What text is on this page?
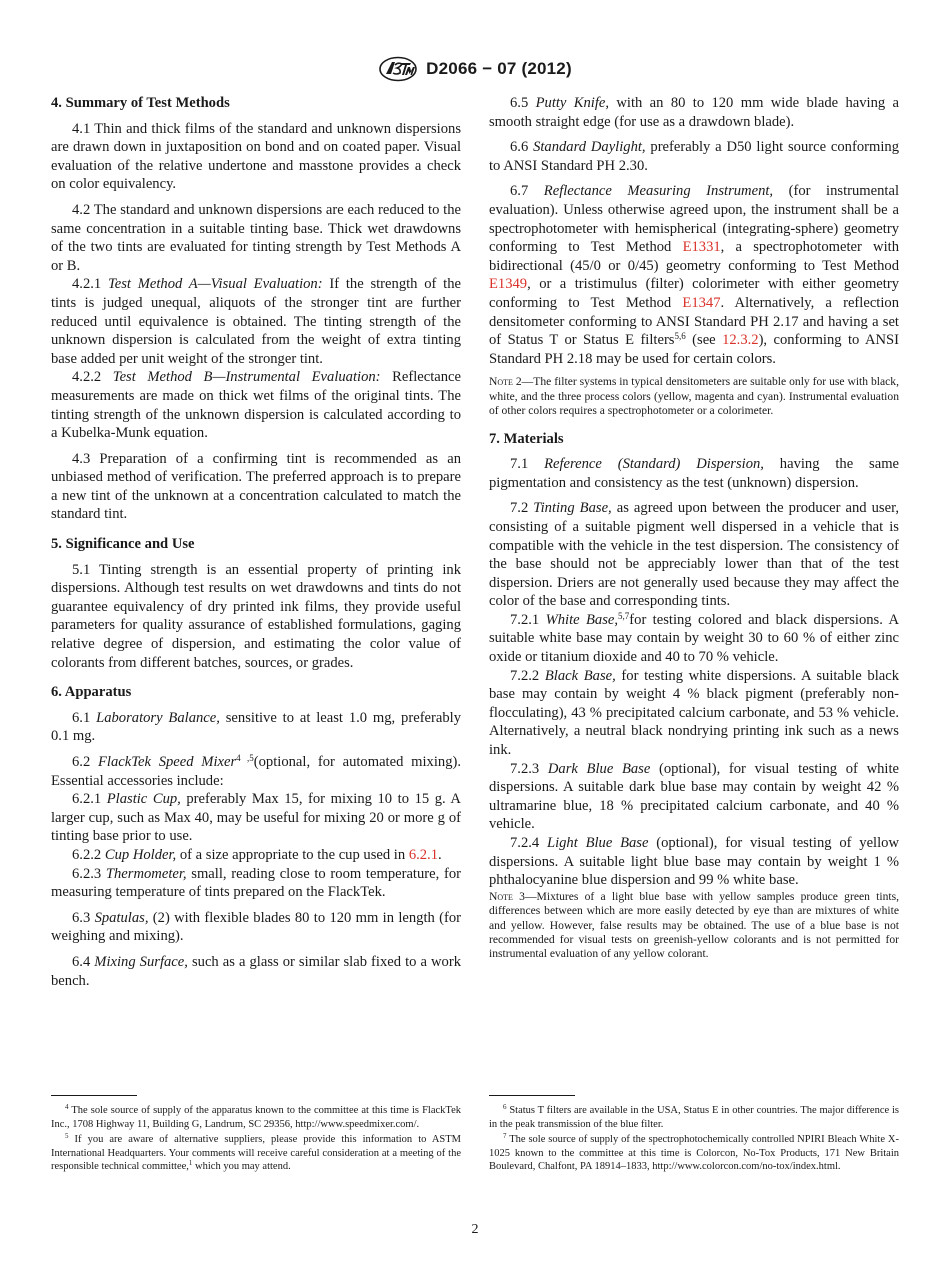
D2066 − 07 (2012)
4. Summary of Test Methods

4.1 Thin and thick films of the standard and unknown dispersions are drawn down in juxtaposition on bond and on coated paper. Visual evaluation of the relative undertone and masstone provides a check on color equivalency.

4.2 The standard and unknown dispersions are each reduced to the same concentration in a suitable tinting base. Thick wet drawdowns of the two tints are evaluated for tinting strength by Test Methods A or B.

4.2.1 Test Method A—Visual Evaluation: If the strength of the tints is judged unequal, aliquots of the stronger tint are further reduced until equivalence is obtained. The tinting strength of the unknown dispersion is calculated from the weight of extra tinting base added per unit weight of the stronger tint.

4.2.2 Test Method B—Instrumental Evaluation: Reflectance measurements are made on thick wet films of the original tints. The tinting strength of the unknown dispersion is calculated according to a Kubelka-Munk equation.

4.3 Preparation of a confirming tint is recommended as an unbiased method of verification. The preferred approach is to prepare a new tint of the unknown at a concentration calculated to match the standard tint.

5. Significance and Use

5.1 Tinting strength is an essential property of printing ink dispersions. Although test results on wet drawdowns and tints do not guarantee equivalency of dry printed ink films, they provide useful parameters for quality assurance of established formulations, gaging relative degree of dispersion, and estimating the color value of colorants from different batches, sources, or grades.

6. Apparatus

6.1 Laboratory Balance, sensitive to at least 1.0 mg, preferably 0.1 mg.

6.2 FlackTek Speed Mixer$^{4 ,5}$(optional, for automated mixing). Essential accessories include:

6.2.1 Plastic Cup, preferably Max 15, for mixing 10 to 15 g. A larger cup, such as Max 40, may be useful for mixing 20 or more g of tinting base prior to use.

6.2.2 Cup Holder, of a size appropriate to the cup used in 6.2.1.

6.2.3 Thermometer, small, reading close to room temperature, for measuring temperature of tints prepared on the FlackTek.

6.3 Spatulas, (2) with flexible blades 80 to 120 mm in length (for weighing and mixing).

6.4 Mixing Surface, such as a glass or similar slab fixed to a work bench.

6.5 Putty Knife, with an 80 to 120 mm wide blade having a smooth straight edge (for use as a drawdown blade).

6.6 Standard Daylight, preferably a D50 light source conforming to ANSI Standard PH 2.30.

6.7 Reflectance Measuring Instrument, (for instrumental evaluation). Unless otherwise agreed upon, the instrument shall be a spectrophotometer with hemispherical (integrating-sphere) geometry conforming to Test Method E1331, a spectrophotometer with bidirectional (45/0 or 0/45) geometry conforming to Test Method E1349, or a tristimulus (filter) colorimeter with either geometry conforming to Test Method E1347. Alternatively, a reflection densitometer conforming to ANSI Standard PH 2.17 and having a set of Status T or Status E filters$^{5,6}$ (see 12.3.2), conforming to ANSI Standard PH 2.18 may be used for certain colors.

Note 2—The filter systems in typical densitometers are suitable only for use with black, white, and the three process colors (yellow, magenta and cyan). Instrumental evaluation of other colors requires a spectrophotometer or a colorimeter.

7. Materials

7.1 Reference (Standard) Dispersion, having the same pigmentation and consistency as the test (unknown) dispersion.

7.2 Tinting Base, as agreed upon between the producer and user, consisting of a suitable pigment well dispersed in a vehicle that is compatible with the vehicle in the test dispersion. The consistency of the base should not be appreciably lower than that of the test dispersion. Driers are not generally used because they may affect the color of the base and corresponding tints.

7.2.1 White Base,$^{5,7}$for testing colored and black dispersions. A suitable white base may contain by weight 30 to 60 % of either zinc oxide or titanium dioxide and 40 to 70 % vehicle.

7.2.2 Black Base, for testing white dispersions. A suitable black base may contain by weight 4 % black pigment (preferably non-flocculating), 43 % precipitated calcium carbonate, and 53 % vehicle. Alternatively, a neutral black nondrying printing ink such as a news ink.

7.2.3 Dark Blue Base (optional), for visual testing of white dispersions. A suitable dark blue base may contain by weight 42 % ultramarine blue, 18 % precipitated calcium carbonate, and 40 % vehicle.

7.2.4 Light Blue Base (optional), for visual testing of yellow dispersions. A suitable light blue base may contain by weight 1 % phthalocyanine blue dispersion and 99 % white base.

Note 3—Mixtures of a light blue base with yellow samples produce green tints, differences between which are more easily detected by eye than are mixtures of white and yellow. However, false results may be obtained. The use of a blue base is not recommended for visual tests on greenish-yellow colorants and is not permitted for instrumental evaluation of any yellow colorant.

$^4$ The sole source of supply of the apparatus known to the committee at this time is FlackTek Inc., 1708 Highway 11, Building G, Landrum, SC 29356, http://www.speedmixer.com/.

$^5$ If you are aware of alternative suppliers, please provide this information to ASTM International Headquarters. Your comments will receive careful consideration at a meeting of the responsible technical committee,$^1$ which you may attend.

$^6$ Status T filters are available in the USA, Status E in other countries. The major difference is in the peak transmission of the blue filter.

$^7$ The sole source of supply of the spectrophotochemically controlled NPIRI Bleach White X-1025 known to the committee at this time is Colorcon, No-Tox Products, 171 New Britain Boulevard, Chalfont, PA 18914–1833, http://www.colorcon.com/no-tox/index.html.

2
